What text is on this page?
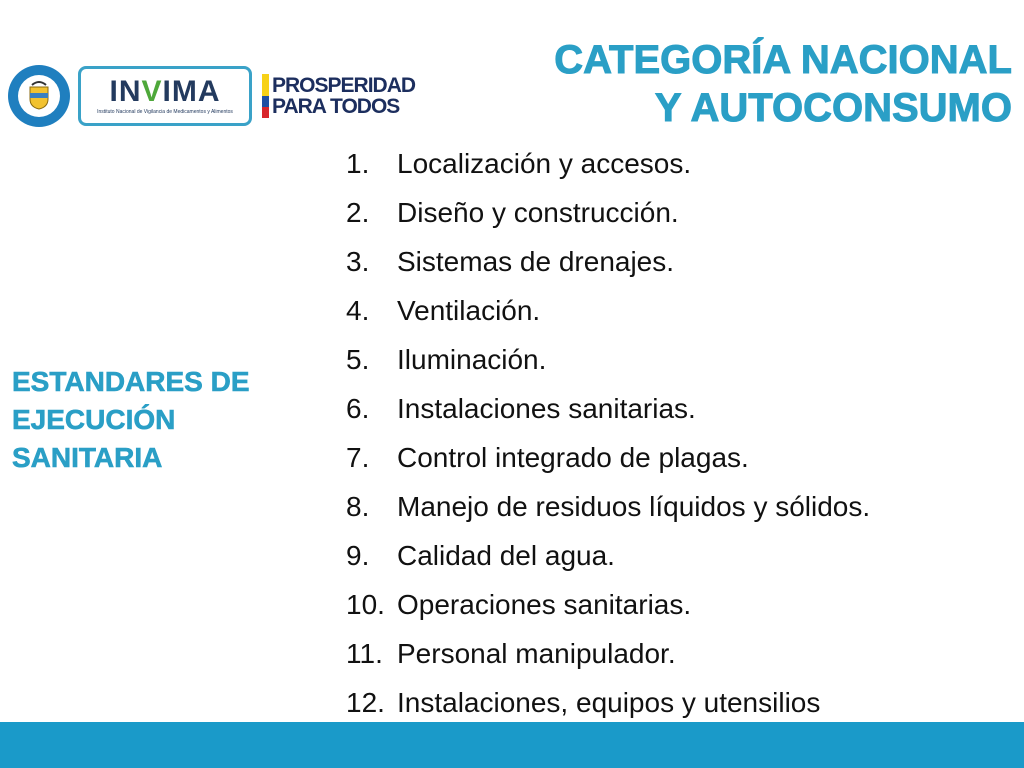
INVIMA
Instituto Nacional de Vigilancia de Medicamentos y Alimentos
PROSPERIDAD
PARA TODOS
CATEGORÍA NACIONAL
Y AUTOCONSUMO
ESTANDARES DE
EJECUCIÓN
SANITARIA
1. Localización y accesos.
2. Diseño y construcción.
3. Sistemas de drenajes.
4. Ventilación.
5. Iluminación.
6. Instalaciones sanitarias.
7. Control integrado de plagas.
8. Manejo de residuos líquidos y sólidos.
9. Calidad del agua.
10. Operaciones sanitarias.
11. Personal manipulador.
12. Instalaciones, equipos y utensilios
